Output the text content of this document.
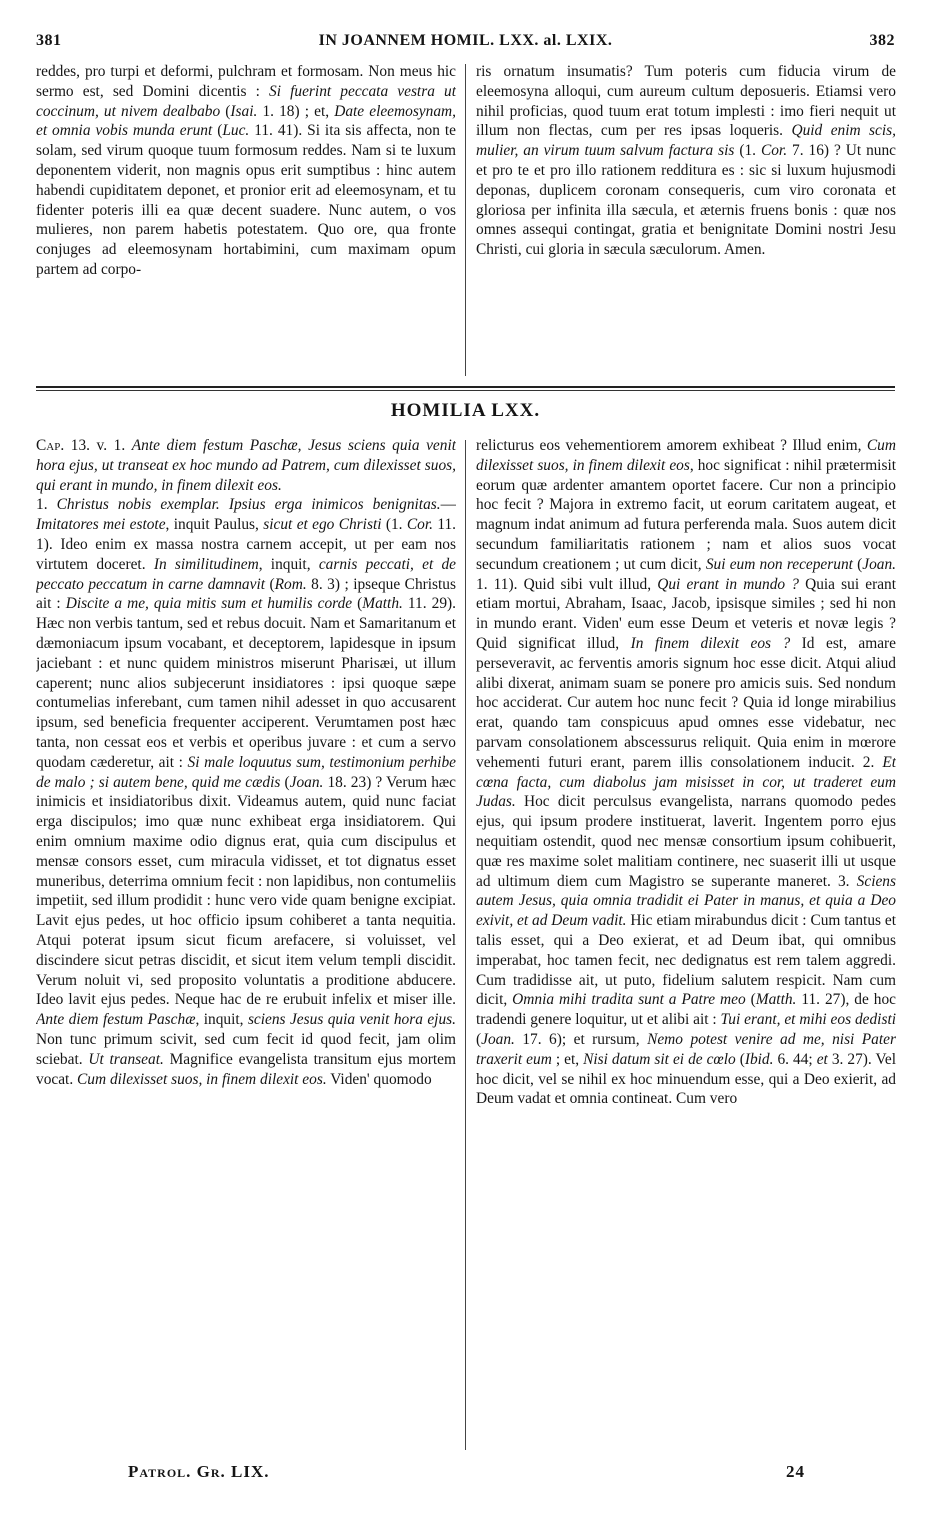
381	IN JOANNEM HOMIL. LXX. al. LXIX.	382
reddes, pro turpi et deformi, pulchram et formosam. Non meus hic sermo est, sed Domini dicentis : Si fuerint peccata vestra ut coccinum, ut nivem dealbabo (Isai. 1. 18) ; et, Date eleemosynam, et omnia vobis munda erunt (Luc. 11. 41). Si ita sis affecta, non te solam, sed virum quoque tuum formosum reddes. Nam si te luxum deponentem viderit, non magnis opus erit sumptibus : hinc autem habendi cupiditatem deponet, et pronior erit ad eleemosynam, et tu fidenter poteris illi ea quæ decent suadere. Nunc autem, o vos mulieres, non parem habetis potestatem. Quo ore, qua fronte conjuges ad eleemosynam hortabimini, cum maximam opum partem ad corpo-
ris ornatum insumatis? Tum poteris cum fiducia virum de eleemosyna alloqui, cum aureum cultum deposueris. Etiamsi vero nihil proficias, quod tuum erat totum implesti : imo fieri nequit ut illum non flectas, cum per res ipsas loqueris. Quid enim scis, mulier, an virum tuum salvum factura sis (1. Cor. 7. 16) ? Ut nunc et pro te et pro illo rationem redditura es : sic si luxum hujusmodi deponas, duplicem coronam consequeris, cum viro coronata et gloriosa per infinita illa sæcula, et æternis fruens bonis : quæ nos omnes assequi contingat, gratia et benignitate Domini nostri Jesu Christi, cui gloria in sæcula sæculorum. Amen.
HOMILIA LXX.
Cap. 13. v. 1. Ante diem festum Paschæ, Jesus sciens quia venit hora ejus, ut transeat ex hoc mundo ad Patrem, cum dilexisset suos, qui erant in mundo, in finem dilexit eos.
1. Christus nobis exemplar. Ipsius erga inimicos benignitas.— Imitatores mei estote, inquit Paulus, sicut et ego Christi (1. Cor. 11. 1). Ideo enim ex massa nostra carnem accepit, ut per eam nos virtutem doceret. In similitudinem, inquit, carnis peccati, et de peccato peccatum in carne damnavit (Rom. 8. 3) ; ipseque Christus ait : Discite a me, quia mitis sum et humilis corde (Matth. 11. 29). Hæc non verbis tantum, sed et rebus docuit. Nam et Samaritanum et dæmoniacum ipsum vocabant, et deceptorem, lapidesque in ipsum jaciebant : et nunc quidem ministros miserunt Pharisæi, ut illum caperent; nunc alios subjecerunt insidiatores : ipsi quoque sæpe contumelias inferebant, cum tamen nihil adesset in quo accusarent ipsum, sed beneficia frequenter acciperent. Verumtamen post hæc tanta, non cessat eos et verbis et operibus juvare : et cum a servo quodam cæderetur, ait : Si male loquutus sum, testimonium perhibe de malo ; si autem bene, quid me cædis (Joan. 18. 23) ? Verum hæc inimicis et insidiatoribus dixit. Videamus autem, quid nunc faciat erga discipulos; imo quæ nunc exhibeat erga insidiatorem. Qui enim omnium maxime odio dignus erat, quia cum discipulus et mensæ consors esset, cum miracula vidisset, et tot dignatus esset muneribus, deterrima omnium fecit : non lapidibus, non contumeliis impetiit, sed illum prodidit : hunc vero vide quam benigne excipiat. Lavit ejus pedes, ut hoc officio ipsum cohiberet a tanta nequitia. Atqui poterat ipsum sicut ficum arefacere, si voluisset, vel discindere sicut petras discidit, et sicut item velum templi discidit. Verum noluit vi, sed proposito voluntatis a proditione abducere. Ideo lavit ejus pedes. Neque hac de re erubuit infelix et miser ille. Ante diem festum Paschæ, inquit, sciens Jesus quia venit hora ejus. Non tunc primum scivit, sed cum fecit id quod fecit, jam olim sciebat. Ut transeat. Magnifice evangelista transitum ejus mortem vocat. Cum dilexisset suos, in finem dilexit eos. Viden' quomodo
relicturus eos vehementiorem amorem exhibeat ? Illud enim, Cum dilexisset suos, in finem dilexit eos, hoc significat : nihil prætermisit eorum quæ ardenter amantem oportet facere. Cur non a principio hoc fecit ? Majora in extremo facit, ut eorum caritatem augeat, et magnum indat animum ad futura perferenda mala. Suos autem dicit secundum familiaritatis rationem ; nam et alios suos vocat secundum creationem ; ut cum dicit, Sui eum non receperunt (Joan. 1. 11). Quid sibi vult illud, Qui erant in mundo ? Quia sui erant etiam mortui, Abraham, Isaac, Jacob, ipsisque similes ; sed hi non in mundo erant. Viden' eum esse Deum et veteris et novæ legis ? Quid significat illud, In finem dilexit eos ? Id est, amare perseveravit, ac ferventis amoris signum hoc esse dicit. Atqui aliud alibi dixerat, animam suam se ponere pro amicis suis. Sed nondum hoc acciderat. Cur autem hoc nunc fecit ? Quia id longe mirabilius erat, quando tam conspicuus apud omnes esse videbatur, nec parvam consolationem abscessurus reliquit. Quia enim in mœrore vehementi futuri erant, parem illis consolationem inducit. 2. Et cœna facta, cum diabolus jam misisset in cor, ut traderet eum Judas. Hoc dicit perculsus evangelista, narrans quomodo pedes ejus, qui ipsum prodere instituerat, laverit. Ingentem porro ejus nequitiam ostendit, quod nec mensæ consortium ipsum cohibuerit, quæ res maxime solet malitiam continere, nec suaserit illi ut usque ad ultimum diem cum Magistro se superante maneret. 3. Sciens autem Jesus, quia omnia tradidit ei Pater in manus, et quia a Deo exivit, et ad Deum vadit. Hic etiam mirabundus dicit : Cum tantus et talis esset, qui a Deo exierat, et ad Deum ibat, qui omnibus imperabat, hoc tamen fecit, nec dedignatus est rem talem aggredi. Cum tradidisse ait, ut puto, fidelium salutem respicit. Nam cum dicit, Omnia mihi tradita sunt a Patre meo (Matth. 11. 27), de hoc tradendi genere loquitur, ut et alibi ait : Tui erant, et mihi eos dedisti (Joan. 17. 6); et rursum, Nemo potest venire ad me, nisi Pater traxerit eum ; et, Nisi datum sit ei de cœlo (Ibid. 6. 44; et 3. 27). Vel hoc dicit, vel se nihil ex hoc minuendum esse, qui a Deo exierit, ad Deum vadat et omnia contineat. Cum vero
Patrol. Gr. LIX.	24
